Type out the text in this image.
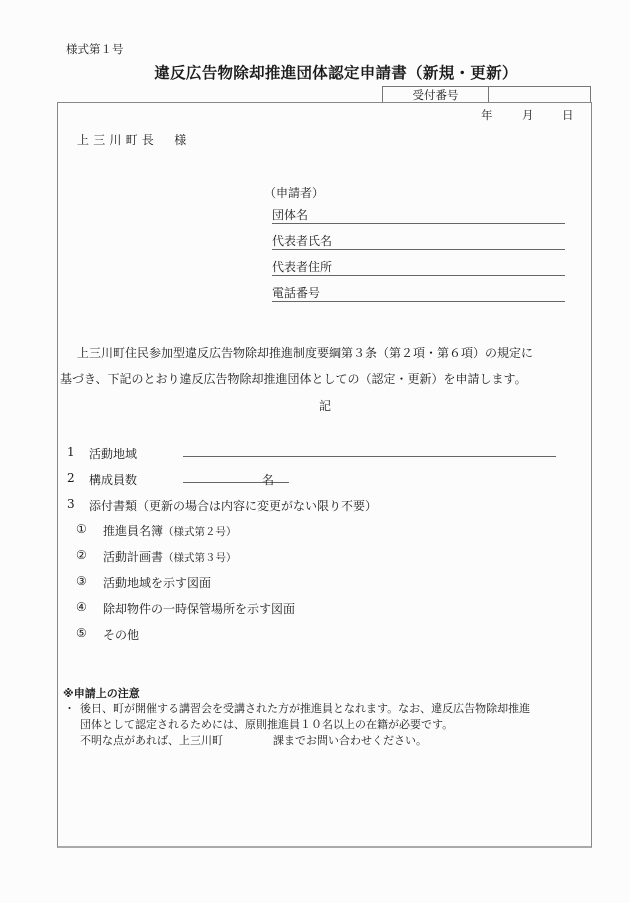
様式第１号
違反広告物除却推進団体認定申請書（新規・更新）
受付番号
年	月 日
上三川町長　様
（申請者）
団体名
代表者氏名
代表者住所
電話番号
上三川町住民参加型違反広告物除却推進制度要綱第３条（第２項・第６項）の規定に
基づき、下記のとおり違反広告物除却推進団体としての（認定・更新）を申請します。
記
1 活動地域
2 構成員数	名
3 添付書類（更新の場合は内容に変更がない限り不要）
① 推進員名簿（様式第２号）
② 活動計画書（様式第３号）
③ 活動地域を示す図面
④ 除却物件の一時保管場所を示す図面
⑤ その他
※申請上の注意
・ 後日、町が開催する講習会を受講された方が推進員となれます。なお、違反広告物除却推進
団体として認定されるためには、原則推進員１０名以上の在籍が必要です。
不明な点があれば、上三川町	課までお問い合わせください。
